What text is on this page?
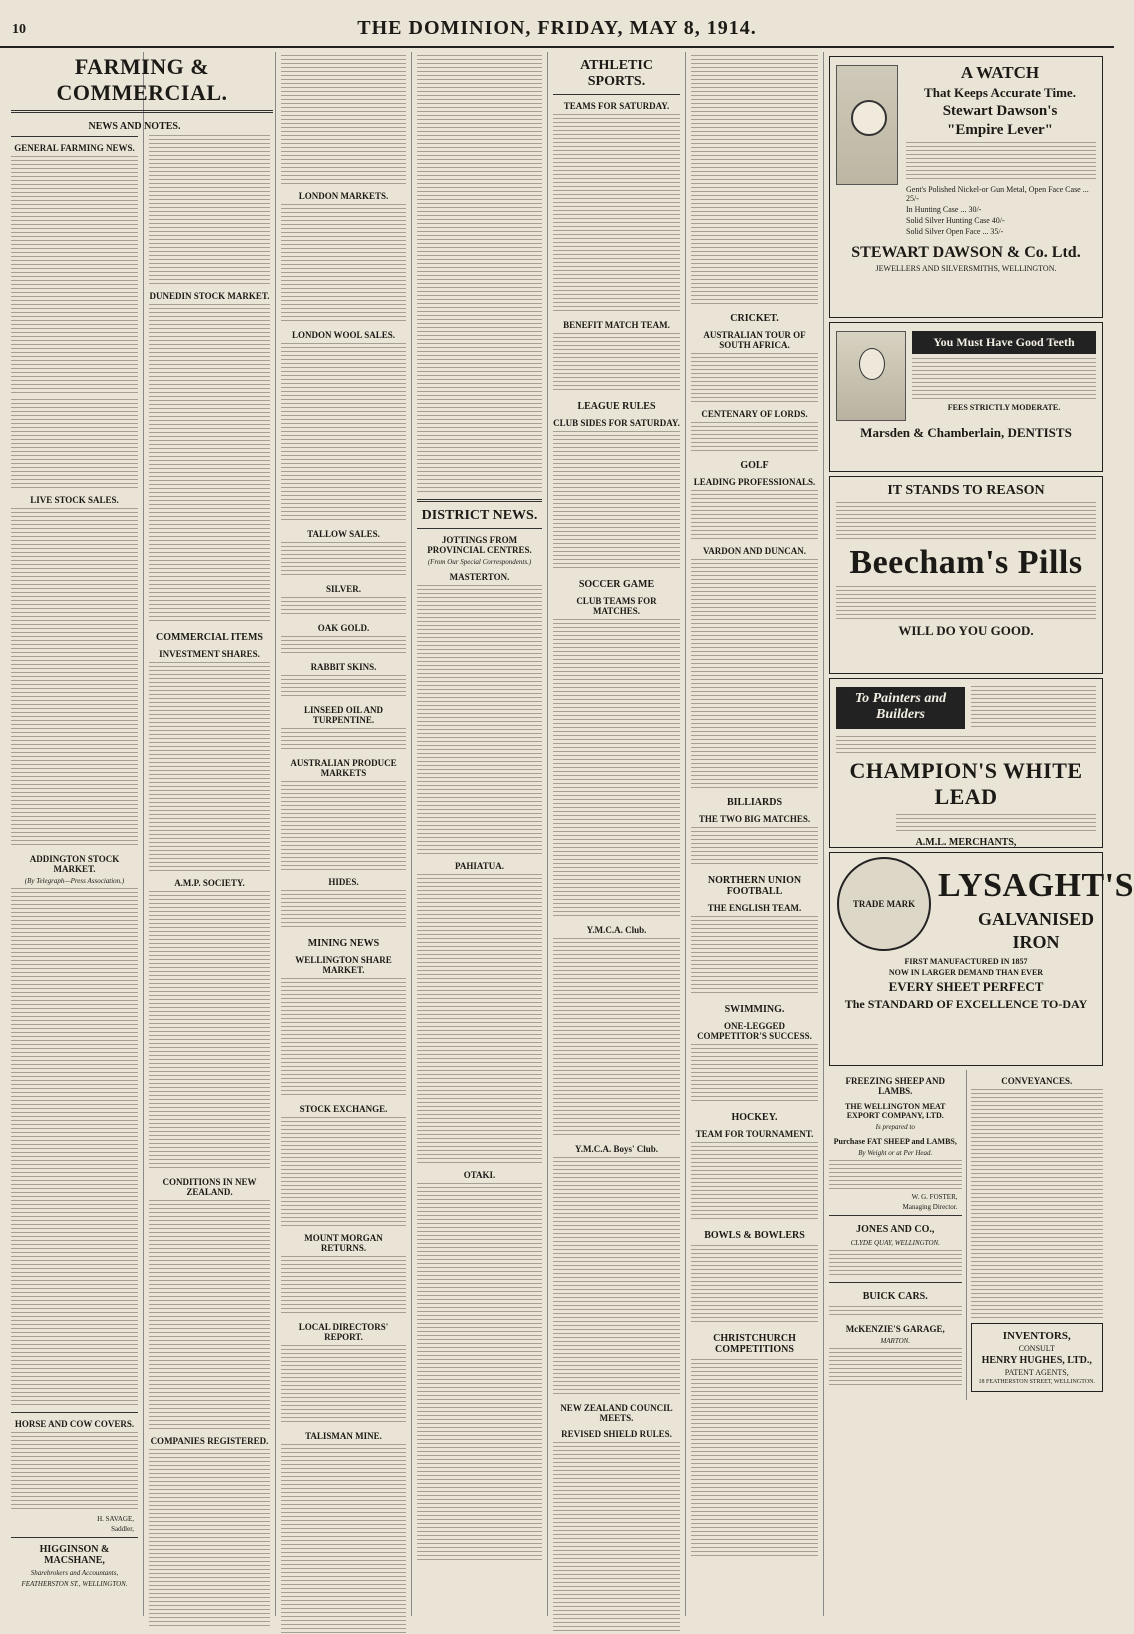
10	THE DOMINION, FRIDAY, MAY 8, 1914.
FARMING & COMMERCIAL.
NEWS AND NOTES.
GENERAL FARMING NEWS.
LIVE STOCK SALES.
ADDINGTON STOCK MARKET.
(By Telegraph—Press Association.)
HORSE AND COW COVERS.
H. SAVAGE,
Saddler,
HIGGINSON & MACSHANE,
Sharebrokers and Accountants,
FEATHERSTON ST., WELLINGTON.
DUNEDIN STOCK MARKET.
COMMERCIAL ITEMS
INVESTMENT SHARES.
A.M.P. SOCIETY.
CONDITIONS IN NEW ZEALAND.
COMPANIES REGISTERED.
LONDON MARKETS.
LONDON WOOL SALES.
TALLOW SALES.
SILVER.
OAK GOLD.
RABBIT SKINS.
LINSEED OIL AND TURPENTINE.
AUSTRALIAN PRODUCE MARKETS
HIDES.
MINING NEWS
WELLINGTON SHARE MARKET.
STOCK EXCHANGE.
MOUNT MORGAN RETURNS.
LOCAL DIRECTORS' REPORT.
TALISMAN MINE.
DISTRICT NEWS.
JOTTINGS FROM PROVINCIAL CENTRES.
(From Our Special Correspondents.)
MASTERTON.
PAHIATUA.
OTAKI.
ATHLETIC SPORTS.
TEAMS FOR SATURDAY.
BENEFIT MATCH TEAM.
LEAGUE RULES
CLUB SIDES FOR SATURDAY.
SOCCER GAME
CLUB TEAMS FOR MATCHES.
Y.M.C.A. Club.
Y.M.C.A. Boys' Club.
NEW ZEALAND COUNCIL MEETS.
REVISED SHIELD RULES.
CRICKET.
AUSTRALIAN TOUR OF SOUTH AFRICA.
CENTENARY OF LORDS.
GOLF
LEADING PROFESSIONALS.
VARDON AND DUNCAN.
BILLIARDS
THE TWO BIG MATCHES.
NORTHERN UNION FOOTBALL
THE ENGLISH TEAM.
SWIMMING.
ONE-LEGGED COMPETITOR'S SUCCESS.
HOCKEY.
TEAM FOR TOURNAMENT.
BOWLS & BOWLERS
CHRISTCHURCH COMPETITIONS
A WATCH
That Keeps Accurate Time.
Stewart Dawson's
"Empire Lever"
Gent's Polished Nickel-or Gun Metal, Open Face Case ... 25/-
In Hunting Case ... 30/-
Solid Silver Hunting Case 40/-
Solid Silver Open Face ... 35/-
STEWART DAWSON & Co. Ltd.
JEWELLERS AND SILVERSMITHS, WELLINGTON.
You Must Have Good Teeth
FEES STRICTLY MODERATE.
Marsden & Chamberlain, DENTISTS
IT STANDS TO REASON
Beecham's Pills
WILL DO YOU GOOD.
To Painters and Builders
CHAMPION'S WHITE LEAD
A.M.L. MERCHANTS,
TRADE MARK LYSAGHT'S
GALVANISED
IRON
FIRST MANUFACTURED IN 1857
NOW IN LARGER DEMAND THAN EVER
EVERY SHEET PERFECT
The STANDARD OF EXCELLENCE TO-DAY
FREEZING SHEEP AND LAMBS.
THE WELLINGTON MEAT EXPORT COMPANY, LTD.
Is prepared to
Purchase FAT SHEEP and LAMBS,
By Weight or at Per Head.
W. G. FOSTER,
Managing Director.
JONES AND CO.,
CLYDE QUAY, WELLINGTON.
BUICK CARS.
McKENZIE'S GARAGE,
MARTON.
CONVEYANCES.
INVENTORS,
CONSULT
HENRY HUGHES, LTD.,
PATENT AGENTS,
18 FEATHERSTON STREET, WELLINGTON.
